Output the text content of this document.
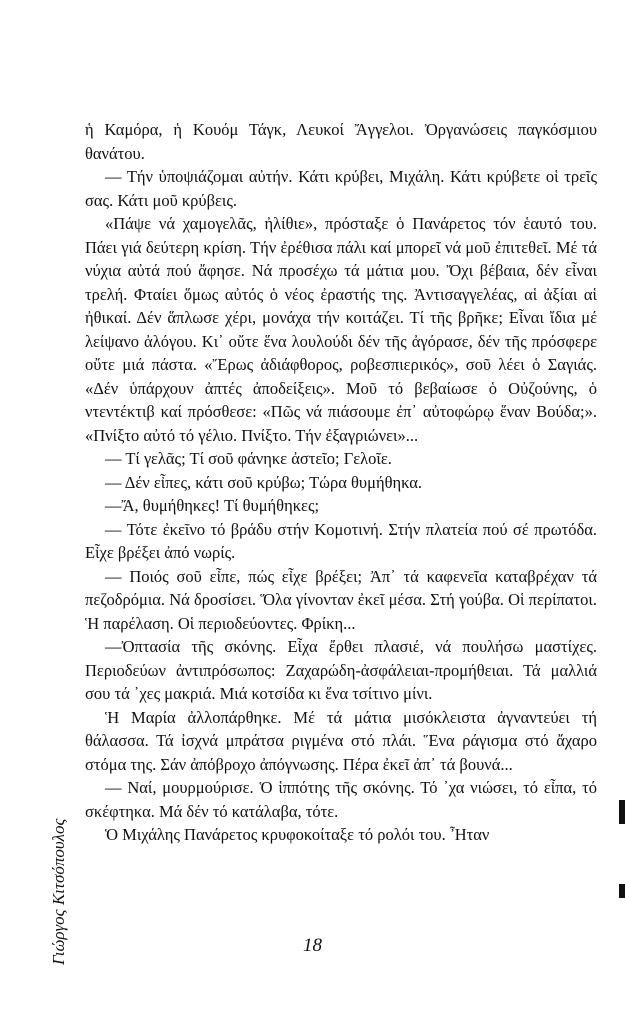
ἡ Καμόρα, ἡ Κουόμ Τάγκ, Λευκοί Ἄγγελοι. Ὀργανώσεις παγκόσμιου θανάτου.

— Τήν ὑποψιάζομαι αὐτήν. Κάτι κρύβει, Μιχάλη. Κάτι κρύβετε οἱ τρεῖς σας. Κάτι μοῦ κρύβεις.

«Πάψε νά χαμογελᾶς, ἠλίθιε», πρόσταξε ὁ Πανάρετος τόν ἑαυτό του. Πάει γιά δεύτερη κρίση. Τήν ἐρέθισα πάλι καί μπορεῖ νά μοῦ ἐπιτεθεῖ. Μέ τά νύχια αὐτά πού ἄφησε. Νά προσέχω τά μάτια μου. Ὄχι βέβαια, δέν εἶναι τρελή. Φταίει ὅμως αὐτός ὁ νέος ἐραστής της. Ἀντισαγγελέας, αἱ ἀξίαι αἱ ἠθικαί. Δέν ἅπλωσε χέρι, μονάχα τήν κοιτάζει. Τί τῆς βρῆκε; Εἶναι ἴδια μέ λείψανο ἀλόγου. Κι᾿ οὔτε ἕνα λουλούδι δέν τῆς ἀγόρασε, δέν τῆς πρόσφερε οὔτε μιά πάστα. «Ἔρως ἀδιάφθορος, ροβεσπιερικός», σοῦ λέει ὁ Σαγιάς. «Δέν ὑπάρχουν ἀπτές ἀποδείξεις». Μοῦ τό βεβαίωσε ὁ Οὐζούνης, ὁ ντεντέκτιβ καί πρόσθεσε: «Πῶς νά πιάσουμε ἐπ᾿ αὐτοφώρῳ ἕναν Βούδα;». «Πνίξτο αὐτό τό γέλιο. Πνίξτο. Τήν ἐξαγριώνει»...

— Τί γελᾶς; Τί σοῦ φάνηκε ἀστεῖο; Γελοῖε.

— Δέν εἶπες, κάτι σοῦ κρύβω; Τώρα θυμήθηκα.

—Ἄ, θυμήθηκες! Τί θυμήθηκες;

— Τότε ἐκεῖνο τό βράδυ στήν Κομοτινή. Στήν πλατεία πού σέ πρωτόδα. Εἶχε βρέξει ἀπό νωρίς.

— Ποιός σοῦ εἶπε, πώς εἶχε βρέξει; Ἀπ᾿ τά καφενεῖα καταβρέχαν τά πεζοδρόμια. Νά δροσίσει. Ὅλα γίνονταν ἐκεῖ μέσα. Στή γούβα. Οἱ περίπατοι. Ἡ παρέλαση. Οἱ περιοδεύοντες. Φρίκη...

—Ὀπτασία τῆς σκόνης. Εἶχα ἔρθει πλασιέ, νά πουλήσω μαστίχες. Περιοδεύων ἀντιπρόσωπος: Ζαχαρώδη-ἀσφάλειαι-προμήθειαι. Τά μαλλιά σου τά ᾿χες μακριά. Μιά κοτσίδα κι ἕνα τσίτινο μίνι.

Ἡ Μαρία ἀλλοπάρθηκε. Μέ τά μάτια μισόκλειστα ἀγναντεύει τή θάλασσα. Τά ἰσχνά μπράτσα ριγμένα στό πλάι. Ἕνα ράγισμα στό ἄχαρο στόμα της. Σάν ἀπόβροχο ἀπόγνωσης. Πέρα ἐκεῖ ἀπ᾿ τά βουνά...

— Ναί, μουρμούρισε. Ὁ ἱππότης τῆς σκόνης. Τό ᾿χα νιώσει, τό εἶπα, τό σκέφτηκα. Μά δέν τό κατάλαβα, τότε.

Ὁ Μιχάλης Πανάρετος κρυφοκοίταξε τό ρολόι του. Ἦταν

Γιώργος Κιτσόπουλος	18
